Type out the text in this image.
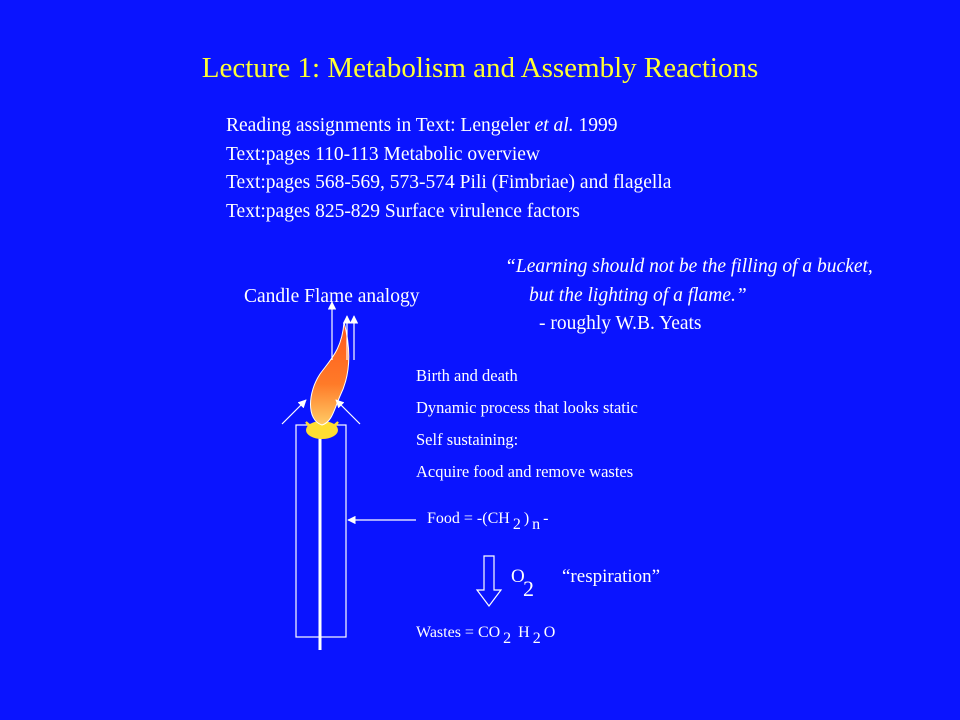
Lecture 1: Metabolism and Assembly Reactions
Reading assignments in Text: Lengeler et al. 1999
Text:pages 110-113 Metabolic overview
Text:pages 568-569, 573-574 Pili (Fimbriae) and flagella
Text:pages 825-829 Surface virulence factors
“Learning should not be the filling of a bucket,
but the lighting of a flame.”
- roughly W.B. Yeats
Candle Flame analogy
Birth and death
Dynamic process that looks static
Self sustaining:
Acquire food and remove wastes
Food = -(CH 2 ) n -
O
2 “respiration”
Wastes = CO 2 H 2 O
